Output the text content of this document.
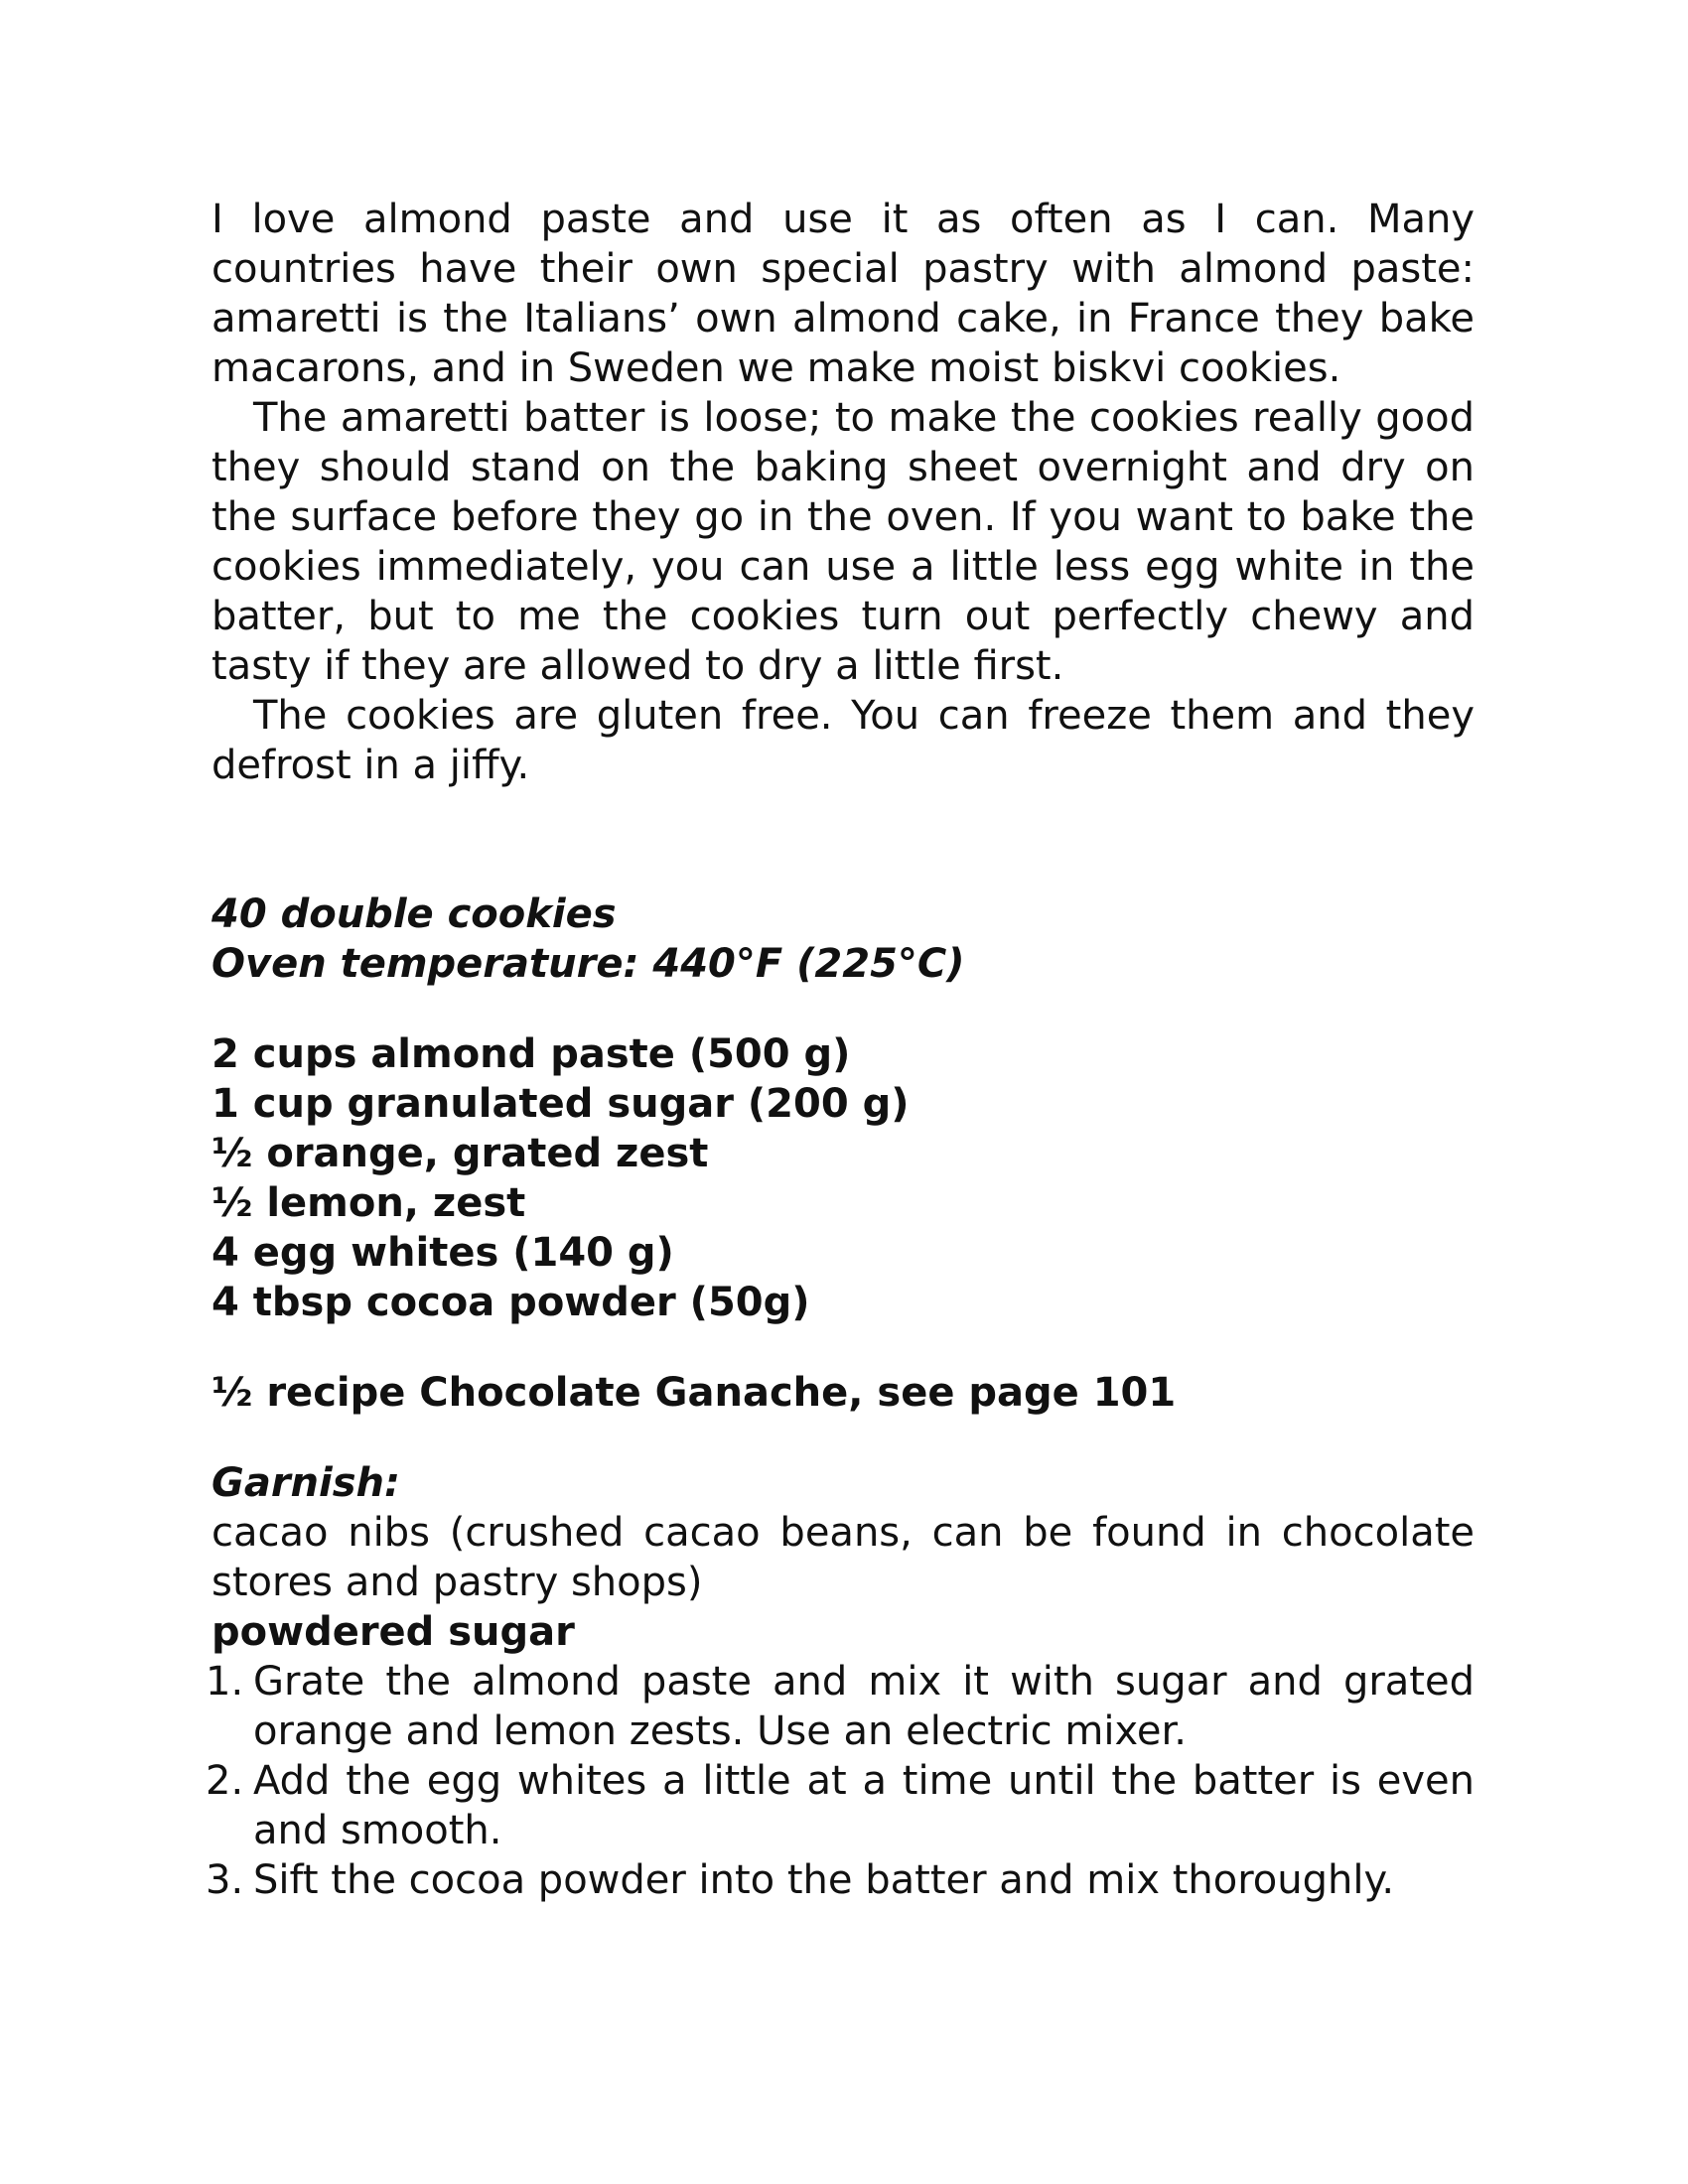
I love almond paste and use it as often as I can. Many countries have their own special pastry with almond paste: amaretti is the Italians’ own almond cake, in France they bake macarons, and in Sweden we make moist biskvi cookies.

The amaretti batter is loose; to make the cookies really good they should stand on the baking sheet overnight and dry on the surface before they go in the oven. If you want to bake the cookies immediately, you can use a little less egg white in the batter, but to me the cookies turn out perfectly chewy and tasty if they are allowed to dry a little first.

The cookies are gluten free. You can freeze them and they defrost in a jiffy.

40 double cookies
Oven temperature: 440°F (225°C)
2 cups almond paste (500 g)
1 cup granulated sugar (200 g)
½ orange, grated zest
½ lemon, zest
4 egg whites (140 g)
4 tbsp cocoa powder (50g)
½ recipe Chocolate Ganache, see page 101
Garnish:

cacao nibs (crushed cacao beans, can be found in chocolate stores and pastry shops)

powdered sugar
1. Grate the almond paste and mix it with sugar and grated orange and lemon zests. Use an electric mixer.
2. Add the egg whites a little at a time until the batter is even and smooth.
3. Sift the cocoa powder into the batter and mix thoroughly.
